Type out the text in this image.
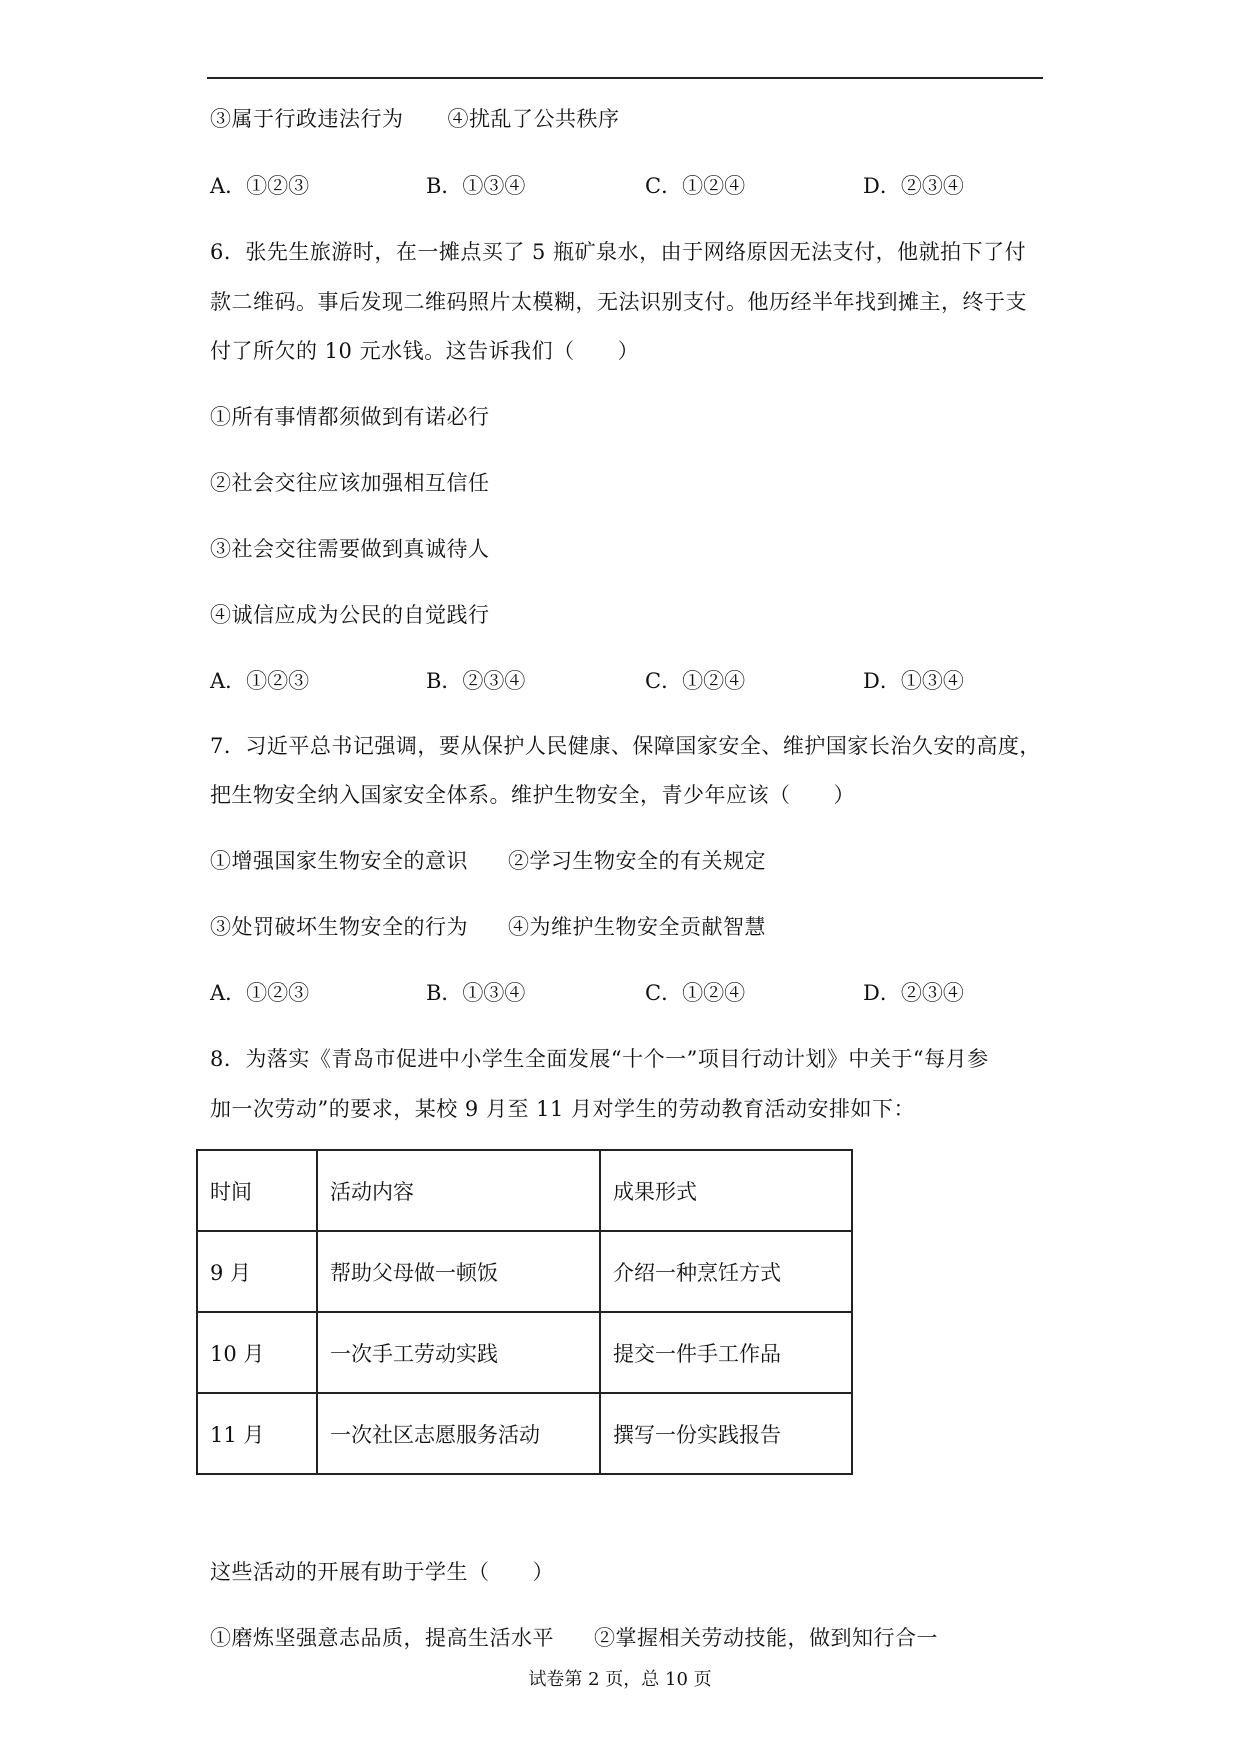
③属于行政违法行为 ④扰乱了公共秩序
A．①②③	B．①③④	C．①②④	D．②③④
6．张先生旅游时，在一摊点买了 5 瓶矿泉水，由于网络原因无法支付，他就拍下了付
款二维码。事后发现二维码照片太模糊，无法识别支付。他历经半年找到摊主，终于支
付了所欠的 10 元水钱。这告诉我们（　　）
①所有事情都须做到有诺必行
②社会交往应该加强相互信任
③社会交往需要做到真诚待人
④诚信应成为公民的自觉践行
A．①②③	B．②③④	C．①②④	D．①③④
7．习近平总书记强调，要从保护人民健康、保障国家安全、维护国家长治久安的高度，
把生物安全纳入国家安全体系。维护生物安全，青少年应该（　　）
①增强国家生物安全的意识 ②学习生物安全的有关规定
③处罚破坏生物安全的行为 ④为维护生物安全贡献智慧
A．①②③	B．①③④	C．①②④	D．②③④
8．为落实《青岛市促进中小学生全面发展“十个一”项目行动计划》中关于“每月参
加一次劳动”的要求，某校 9 月至 11 月对学生的劳动教育活动安排如下：
时间	活动内容	成果形式
9 月	帮助父母做一顿饭	介绍一种烹饪方式
10 月	一次手工劳动实践	提交一件手工作品
11 月	一次社区志愿服务活动	撰写一份实践报告
这些活动的开展有助于学生（　　）
①磨炼坚强意志品质，提高生活水平 ②掌握相关劳动技能，做到知行合一
试卷第 2 页，总 10 页
